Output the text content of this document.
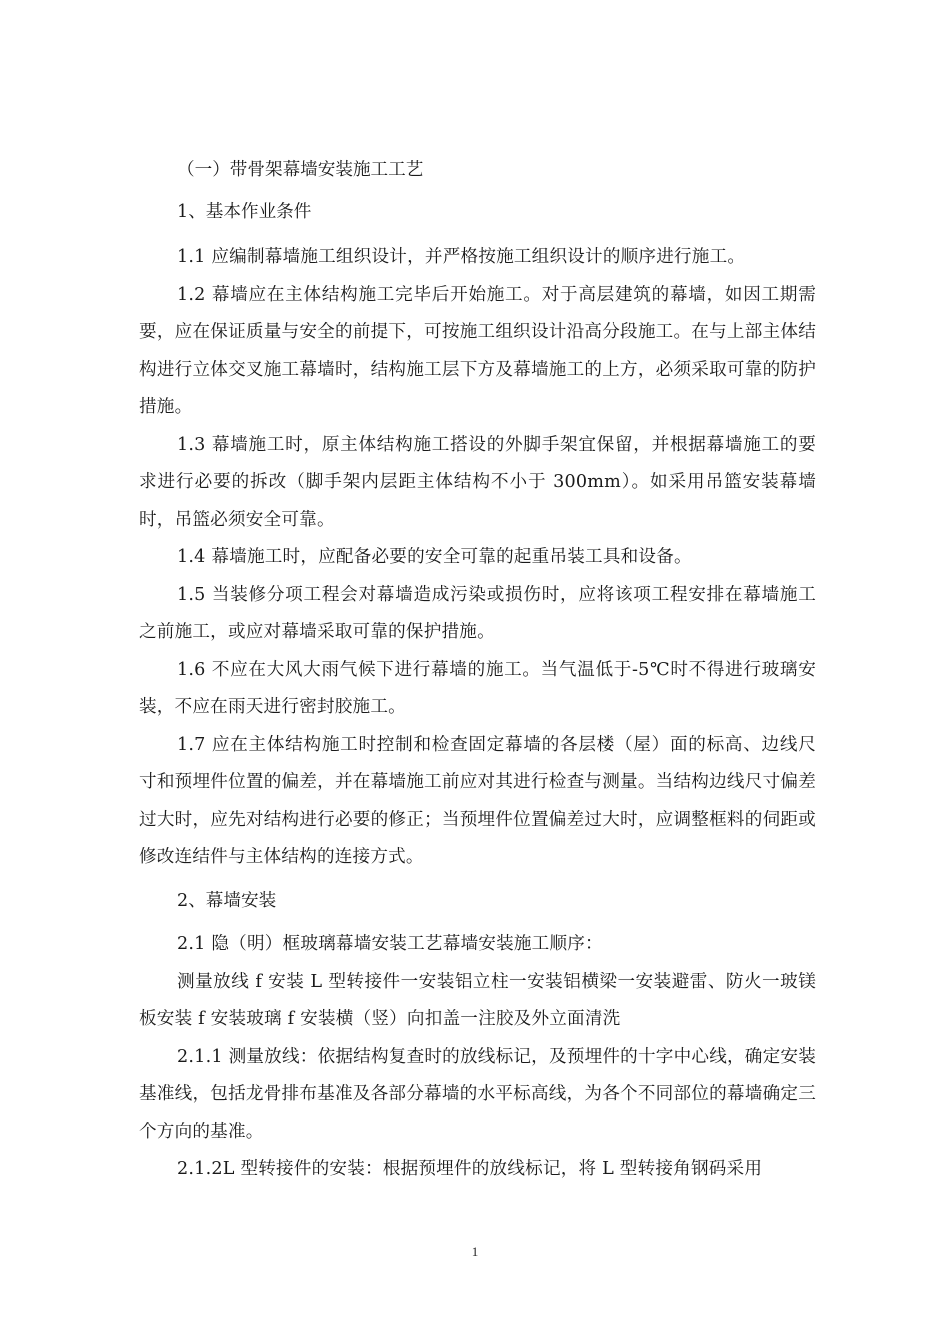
（一）带骨架幕墙安装施工工艺

1、基本作业条件

1.1 应编制幕墙施工组织设计，并严格按施工组织设计的顺序进行施工。

1.2 幕墙应在主体结构施工完毕后开始施工。对于高层建筑的幕墙，如因工期需要，应在保证质量与安全的前提下，可按施工组织设计沿高分段施工。在与上部主体结构进行立体交叉施工幕墙时，结构施工层下方及幕墙施工的上方，必须采取可靠的防护措施。

1.3 幕墙施工时，原主体结构施工搭设的外脚手架宜保留，并根据幕墙施工的要求进行必要的拆改（脚手架内层距主体结构不小于 300mm）。如采用吊篮安装幕墙时，吊篮必须安全可靠。

1.4 幕墙施工时，应配备必要的安全可靠的起重吊装工具和设备。

1.5 当装修分项工程会对幕墙造成污染或损伤时，应将该项工程安排在幕墙施工之前施工，或应对幕墙采取可靠的保护措施。

1.6 不应在大风大雨气候下进行幕墙的施工。当气温低于-5℃时不得进行玻璃安装，不应在雨天进行密封胶施工。

1.7 应在主体结构施工时控制和检查固定幕墙的各层楼（屋）面的标高、边线尺寸和预埋件位置的偏差，并在幕墙施工前应对其进行检查与测量。当结构边线尺寸偏差过大时，应先对结构进行必要的修正；当预埋件位置偏差过大时，应调整框料的伺距或修改连结件与主体结构的连接方式。

2、幕墙安装

2.1 隐（明）框玻璃幕墙安装工艺幕墙安装施工顺序：

测量放线 f 安装 L 型转接件一安装铝立柱一安装铝横梁一安装避雷、防火一玻镁板安装 f 安装玻璃 f 安装横（竖）向扣盖一注胶及外立面清洗

2.1.1 测量放线：依据结构复查时的放线标记，及预埋件的十字中心线，确定安装基准线，包括龙骨排布基准及各部分幕墙的水平标高线，为各个不同部位的幕墙确定三个方向的基准。

2.1.2L 型转接件的安装：根据预埋件的放线标记，将 L 型转接角钢码采用

1
